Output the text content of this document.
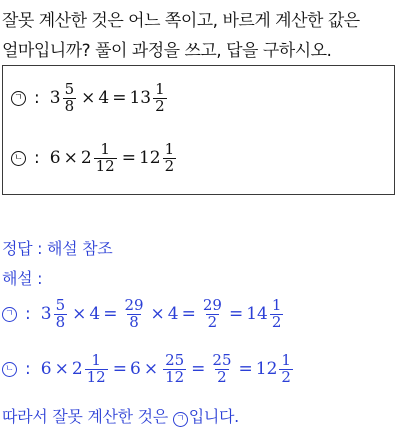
잘못 계산한 것은 어느 쪽이고, 바르게 계산한 값은
얼마입니까? 풀이 과정을 쓰고, 답을 구하시오.
ㄱ : $3 \frac{5}{8} \times 4 = 13 \frac{1}{2}$
ㄴ : $6 \times 2 \frac{1}{12} = 12 \frac{1}{2}$
정답 : 해설 참조
해설 :
ㄱ : $3 \frac{5}{8} \times 4 = \frac{29}{8} \times 4 = \frac{29}{2} = 14 \frac{1}{2}$
ㄴ : $6 \times 2 \frac{1}{12} = 6 \times \frac{25}{12} = \frac{25}{2} = 12 \frac{1}{2}$
따라서 잘못 계산한 것은 ㄱ 입니다.
